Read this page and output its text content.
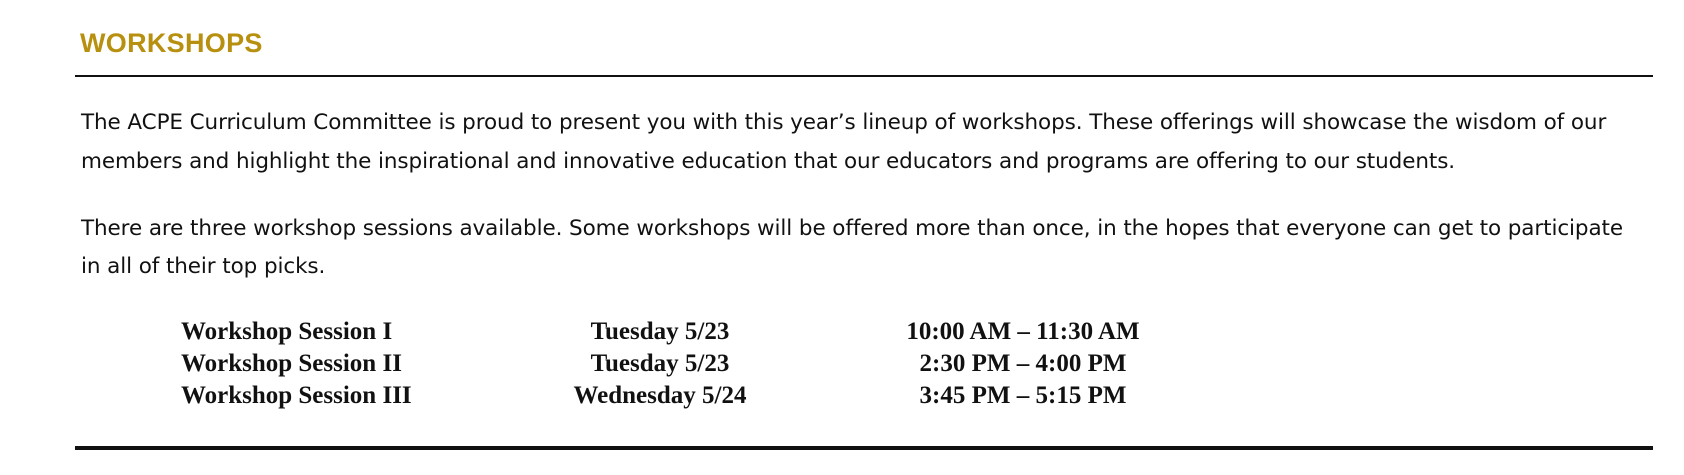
WORKSHOPS

The ACPE Curriculum Committee is proud to present you with this year’s lineup of workshops. These offerings will showcase the wisdom of our members and highlight the inspirational and innovative education that our educators and programs are offering to our students.

There are three workshop sessions available. Some workshops will be offered more than once, in the hopes that everyone can get to participate in all of their top picks.

Workshop Session I	Tuesday 5/23	10:00 AM – 11:30 AM
Workshop Session II	Tuesday 5/23	2:30 PM – 4:00 PM
Workshop Session III	Wednesday 5/24	3:45 PM – 5:15 PM
